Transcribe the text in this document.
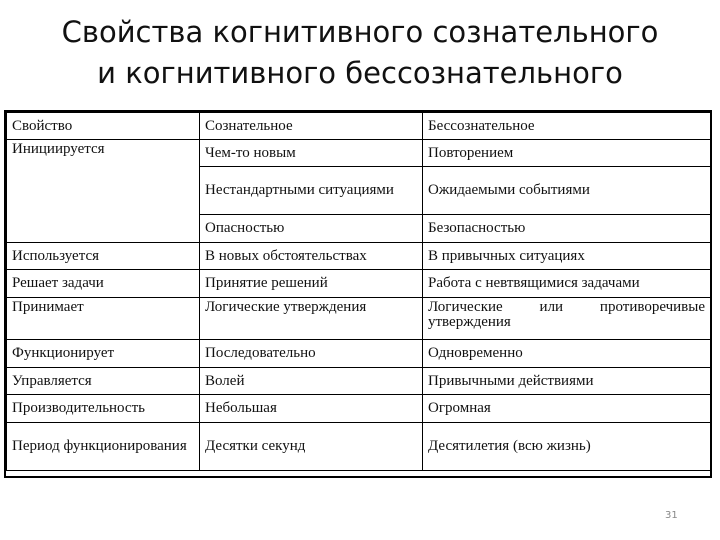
Свойства когнитивного сознательного
и когнитивного бессознательного
Свойство	Сознательное	Бессознательное
Инициируется	Чем-то новым	Повторением
	Нестандартными ситуациями	Ожидаемыми событиями
	Опасностью	Безопасностью
Используется	В новых обстоятельствах	В привычных ситуациях
Решает задачи	Принятие решений	Работа с невтвящимися задачами
Принимает	Логические утверждения	Логические или противоречивые утверждения
Функционирует	Последовательно	Одновременно
Управляется	Волей	Привычными действиями
Производительность	Небольшая	Огромная
Период функционирования	Десятки секунд	Десятилетия (всю жизнь)
31
